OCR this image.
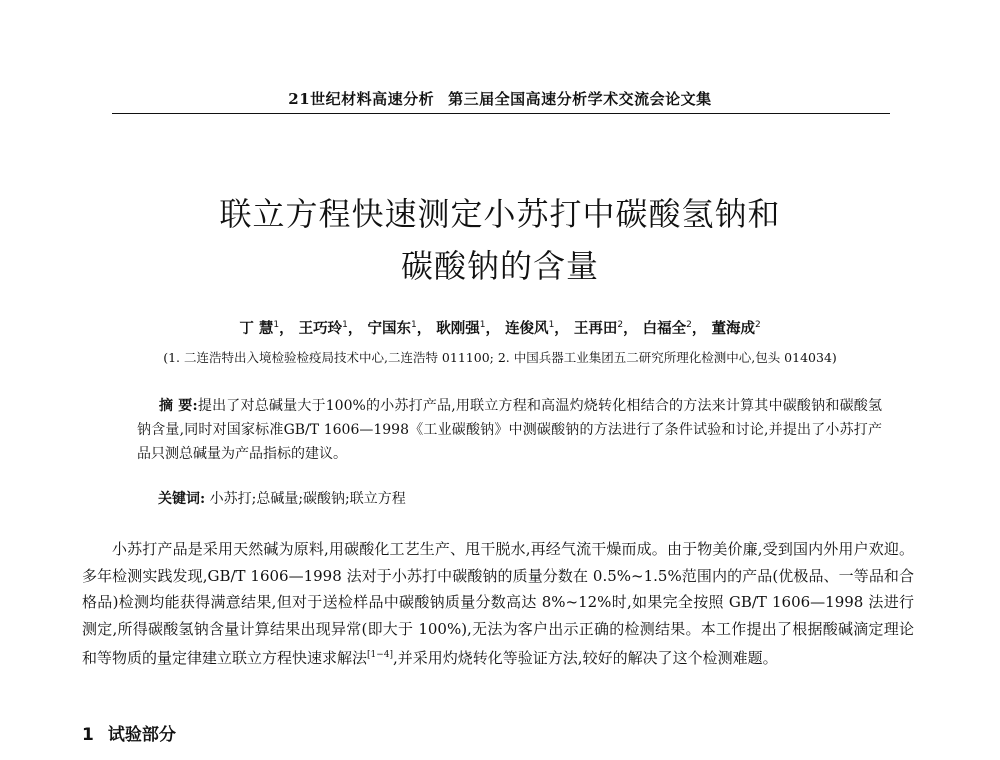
21世纪材料高速分析 第三届全国高速分析学术交流会论文集
联立方程快速测定小苏打中碳酸氢钠和
碳酸钠的含量
丁 慧$^1$， 王巧玲$^1$， 宁国东$^1$， 耿刚强$^1$， 连俊风$^1$， 王再田$^2$， 白福全$^2$， 董海成$^2$
(1. 二连浩特出入境检验检疫局技术中心,二连浩特 011100; 2. 中国兵器工业集团五二研究所理化检测中心,包头 014034)

摘 要:提出了对总碱量大于100%的小苏打产品,用联立方程和高温灼烧转化相结合的方法来计算其中碳酸钠和碳酸氢钠含量,同时对国家标准GB/T 1606—1998《工业碳酸钠》中测碳酸钠的方法进行了条件试验和讨论,并提出了小苏打产品只测总碱量为产品指标的建议。

关键词: 小苏打;总碱量;碳酸钠;联立方程

小苏打产品是采用天然碱为原料,用碳酸化工艺生产、甩干脱水,再经气流干燥而成。由于物美价廉,受到国内外用户欢迎。多年检测实践发现,GB/T 1606—1998 法对于小苏打中碳酸钠的质量分数在 0.5%~1.5%范围内的产品(优极品、一等品和合格品)检测均能获得满意结果,但对于送检样品中碳酸钠质量分数高达 8%~12%时,如果完全按照 GB/T 1606—1998 法进行测定,所得碳酸氢钠含量计算结果出现异常(即大于 100%),无法为客户出示正确的检测结果。本工作提出了根据酸碱滴定理论和等物质的量定律建立联立方程快速求解法[1−4],并采用灼烧转化等验证方法,较好的解决了这个检测难题。

1 试验部分
